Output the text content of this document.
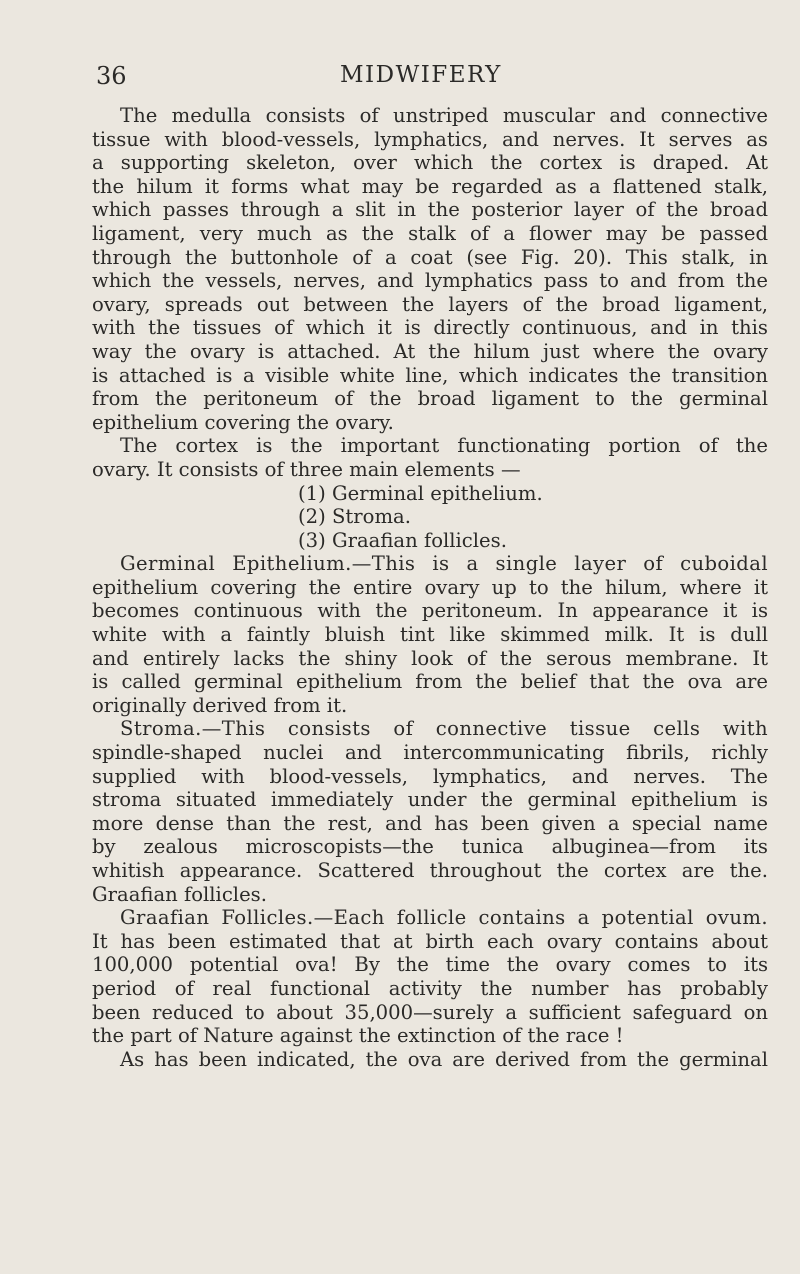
36	MIDWIFERY
The medulla consists of unstriped muscular and connective
tissue with blood-vessels, lymphatics, and nerves. It serves as
a supporting skeleton, over which the cortex is draped. At
the hilum it forms what may be regarded as a flattened stalk,
which passes through a slit in the posterior layer of the broad
ligament, very much as the stalk of a flower may be passed
through the buttonhole of a coat (see Fig. 20). This stalk, in
which the vessels, nerves, and lymphatics pass to and from the
ovary, spreads out between the layers of the broad ligament,
with the tissues of which it is directly continuous, and in this
way the ovary is attached. At the hilum just where the ovary
is attached is a visible white line, which indicates the transition
from the peritoneum of the broad ligament to the germinal
epithelium covering the ovary.
The cortex is the important functionating portion of the
ovary. It consists of three main elements —
(1) Germinal epithelium.
(2) Stroma.
(3) Graafian follicles.
Germinal Epithelium.—This is a single layer of cuboidal
epithelium covering the entire ovary up to the hilum, where it
becomes continuous with the peritoneum. In appearance it is
white with a faintly bluish tint like skimmed milk. It is dull
and entirely lacks the shiny look of the serous membrane. It
is called germinal epithelium from the belief that the ova are
originally derived from it.
Stroma.—This consists of connective tissue cells with
spindle-shaped nuclei and intercommunicating fibrils, richly
supplied with blood-vessels, lymphatics, and nerves. The
stroma situated immediately under the germinal epithelium is
more dense than the rest, and has been given a special name
by zealous microscopists—the tunica albuginea—from its
whitish appearance. Scattered throughout the cortex are the.
Graafian follicles.
Graafian Follicles.—Each follicle contains a potential ovum.
It has been estimated that at birth each ovary contains about
100,000 potential ova! By the time the ovary comes to its
period of real functional activity the number has probably
been reduced to about 35,000—surely a sufficient safeguard on
the part of Nature against the extinction of the race !
As has been indicated, the ova are derived from the germinal
